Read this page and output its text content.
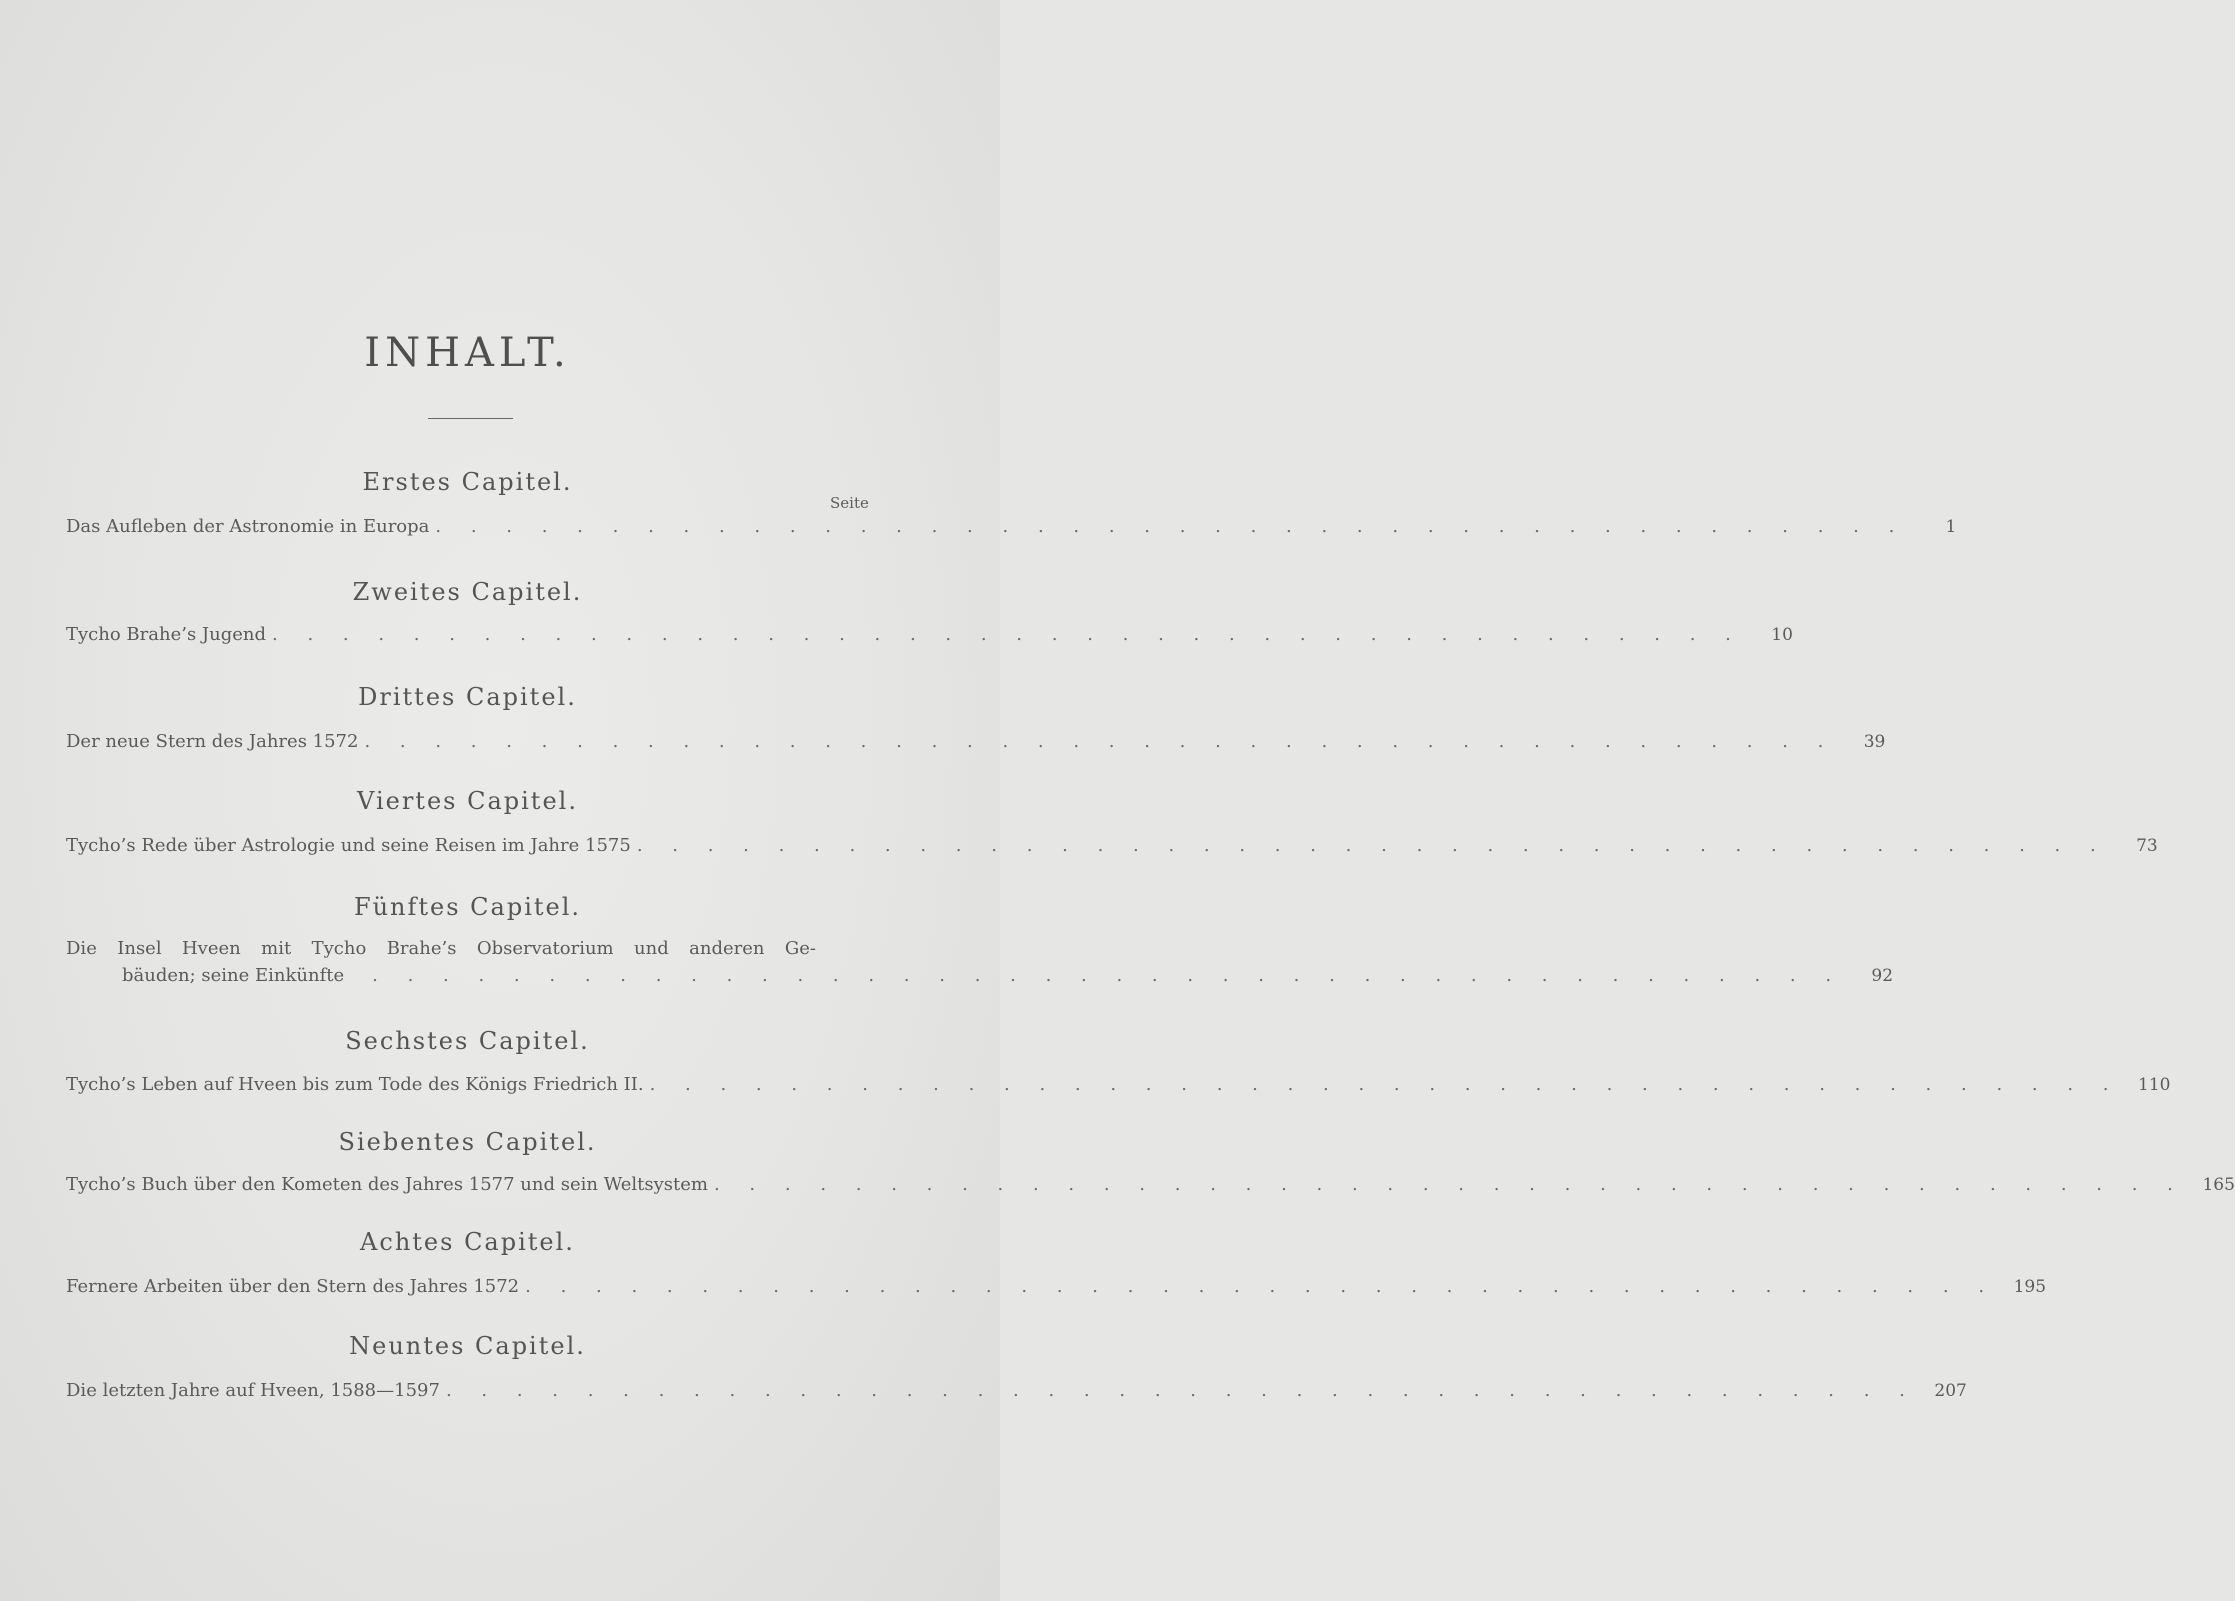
INHALT.
Seite
Erstes Capitel.
Das Aufleben der Astronomie in Europa . . . . . . . . . . . . . . . . . . . . . . . . . . . . . . . . . . . . . . . . . .	1
Zweites Capitel.
Tycho Brahe’s Jugend . . . . . . . . . . . . . . . . . . . . . . . . . . . . . . . . . . . . . . . . . .	10
Drittes Capitel.
Der neue Stern des Jahres 1572 . . . . . . . . . . . . . . . . . . . . . . . . . . . . . . . . . . . . . . . . . .	39
Viertes Capitel.
Tycho’s Rede über Astrologie und seine Reisen im Jahre 1575 . . . . . . . . . . . . . . . . . . . . . . . . . . . . . . . . . . . . . . . . . .	73
Fünftes Capitel.
Die Insel Hveen mit Tycho Brahe’s Observatorium und anderen Ge-
bäuden; seine Einkünfte . . . . . . . . . . . . . . . . . . . . . . . . . . . . . . . . . . . . . . . . . .	92
Sechstes Capitel.
Tycho’s Leben auf Hveen bis zum Tode des Königs Friedrich II. . . . . . . . . . . . . . . . . . . . . . . . . . . . . . . . . . . . . . . . . . .	110
Siebentes Capitel.
Tycho’s Buch über den Kometen des Jahres 1577 und sein Weltsystem . . . . . . . . . . . . . . . . . . . . . . . . . . . . . . . . . . . . . . . . . .	165
Achtes Capitel.
Fernere Arbeiten über den Stern des Jahres 1572 . . . . . . . . . . . . . . . . . . . . . . . . . . . . . . . . . . . . . . . . . .	195
Neuntes Capitel.
Die letzten Jahre auf Hveen, 1588—1597 . . . . . . . . . . . . . . . . . . . . . . . . . . . . . . . . . . . . . . . . . .	207
